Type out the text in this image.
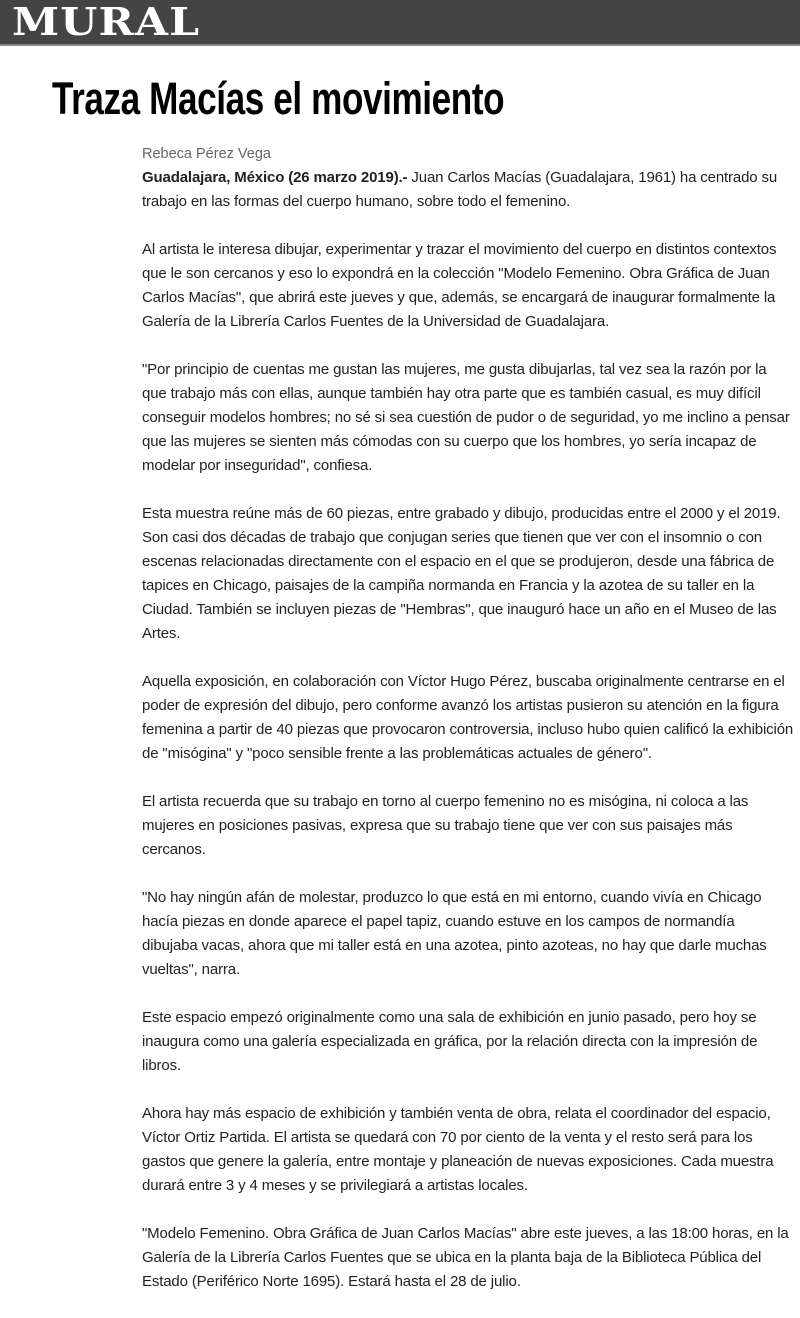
MURAL
Traza Macías el movimiento
Rebeca Pérez Vega

Guadalajara, México (26 marzo 2019).- Juan Carlos Macías (Guadalajara, 1961) ha centrado su trabajo en las formas del cuerpo humano, sobre todo el femenino.

Al artista le interesa dibujar, experimentar y trazar el movimiento del cuerpo en distintos contextos que le son cercanos y eso lo expondrá en la colección "Modelo Femenino. Obra Gráfica de Juan Carlos Macías", que abrirá este jueves y que, además, se encargará de inaugurar formalmente la Galería de la Librería Carlos Fuentes de la Universidad de Guadalajara.

"Por principio de cuentas me gustan las mujeres, me gusta dibujarlas, tal vez sea la razón por la que trabajo más con ellas, aunque también hay otra parte que es también casual, es muy difícil conseguir modelos hombres; no sé si sea cuestión de pudor o de seguridad, yo me inclino a pensar que las mujeres se sienten más cómodas con su cuerpo que los hombres, yo sería incapaz de modelar por inseguridad", confiesa.

Esta muestra reúne más de 60 piezas, entre grabado y dibujo, producidas entre el 2000 y el 2019. Son casi dos décadas de trabajo que conjugan series que tienen que ver con el insomnio o con escenas relacionadas directamente con el espacio en el que se produjeron, desde una fábrica de tapices en Chicago, paisajes de la campiña normanda en Francia y la azotea de su taller en la Ciudad. También se incluyen piezas de "Hembras", que inauguró hace un año en el Museo de las Artes.

Aquella exposición, en colaboración con Víctor Hugo Pérez, buscaba originalmente centrarse en el poder de expresión del dibujo, pero conforme avanzó los artistas pusieron su atención en la figura femenina a partir de 40 piezas que provocaron controversia, incluso hubo quien calificó la exhibición de "misógina" y "poco sensible frente a las problemáticas actuales de género".

El artista recuerda que su trabajo en torno al cuerpo femenino no es misógina, ni coloca a las mujeres en posiciones pasivas, expresa que su trabajo tiene que ver con sus paisajes más cercanos.

"No hay ningún afán de molestar, produzco lo que está en mi entorno, cuando vivía en Chicago hacía piezas en donde aparece el papel tapiz, cuando estuve en los campos de normandía dibujaba vacas, ahora que mi taller está en una azotea, pinto azoteas, no hay que darle muchas vueltas", narra.

Este espacio empezó originalmente como una sala de exhibición en junio pasado, pero hoy se inaugura como una galería especializada en gráfica, por la relación directa con la impresión de libros.

Ahora hay más espacio de exhibición y también venta de obra, relata el coordinador del espacio, Víctor Ortiz Partida. El artista se quedará con 70 por ciento de la venta y el resto será para los gastos que genere la galería, entre montaje y planeación de nuevas exposiciones. Cada muestra durará entre 3 y 4 meses y se privilegiará a artistas locales.

"Modelo Femenino. Obra Gráfica de Juan Carlos Macías" abre este jueves, a las 18:00 horas, en la Galería de la Librería Carlos Fuentes que se ubica en la planta baja de la Biblioteca Pública del Estado (Periférico Norte 1695). Estará hasta el 28 de julio.
